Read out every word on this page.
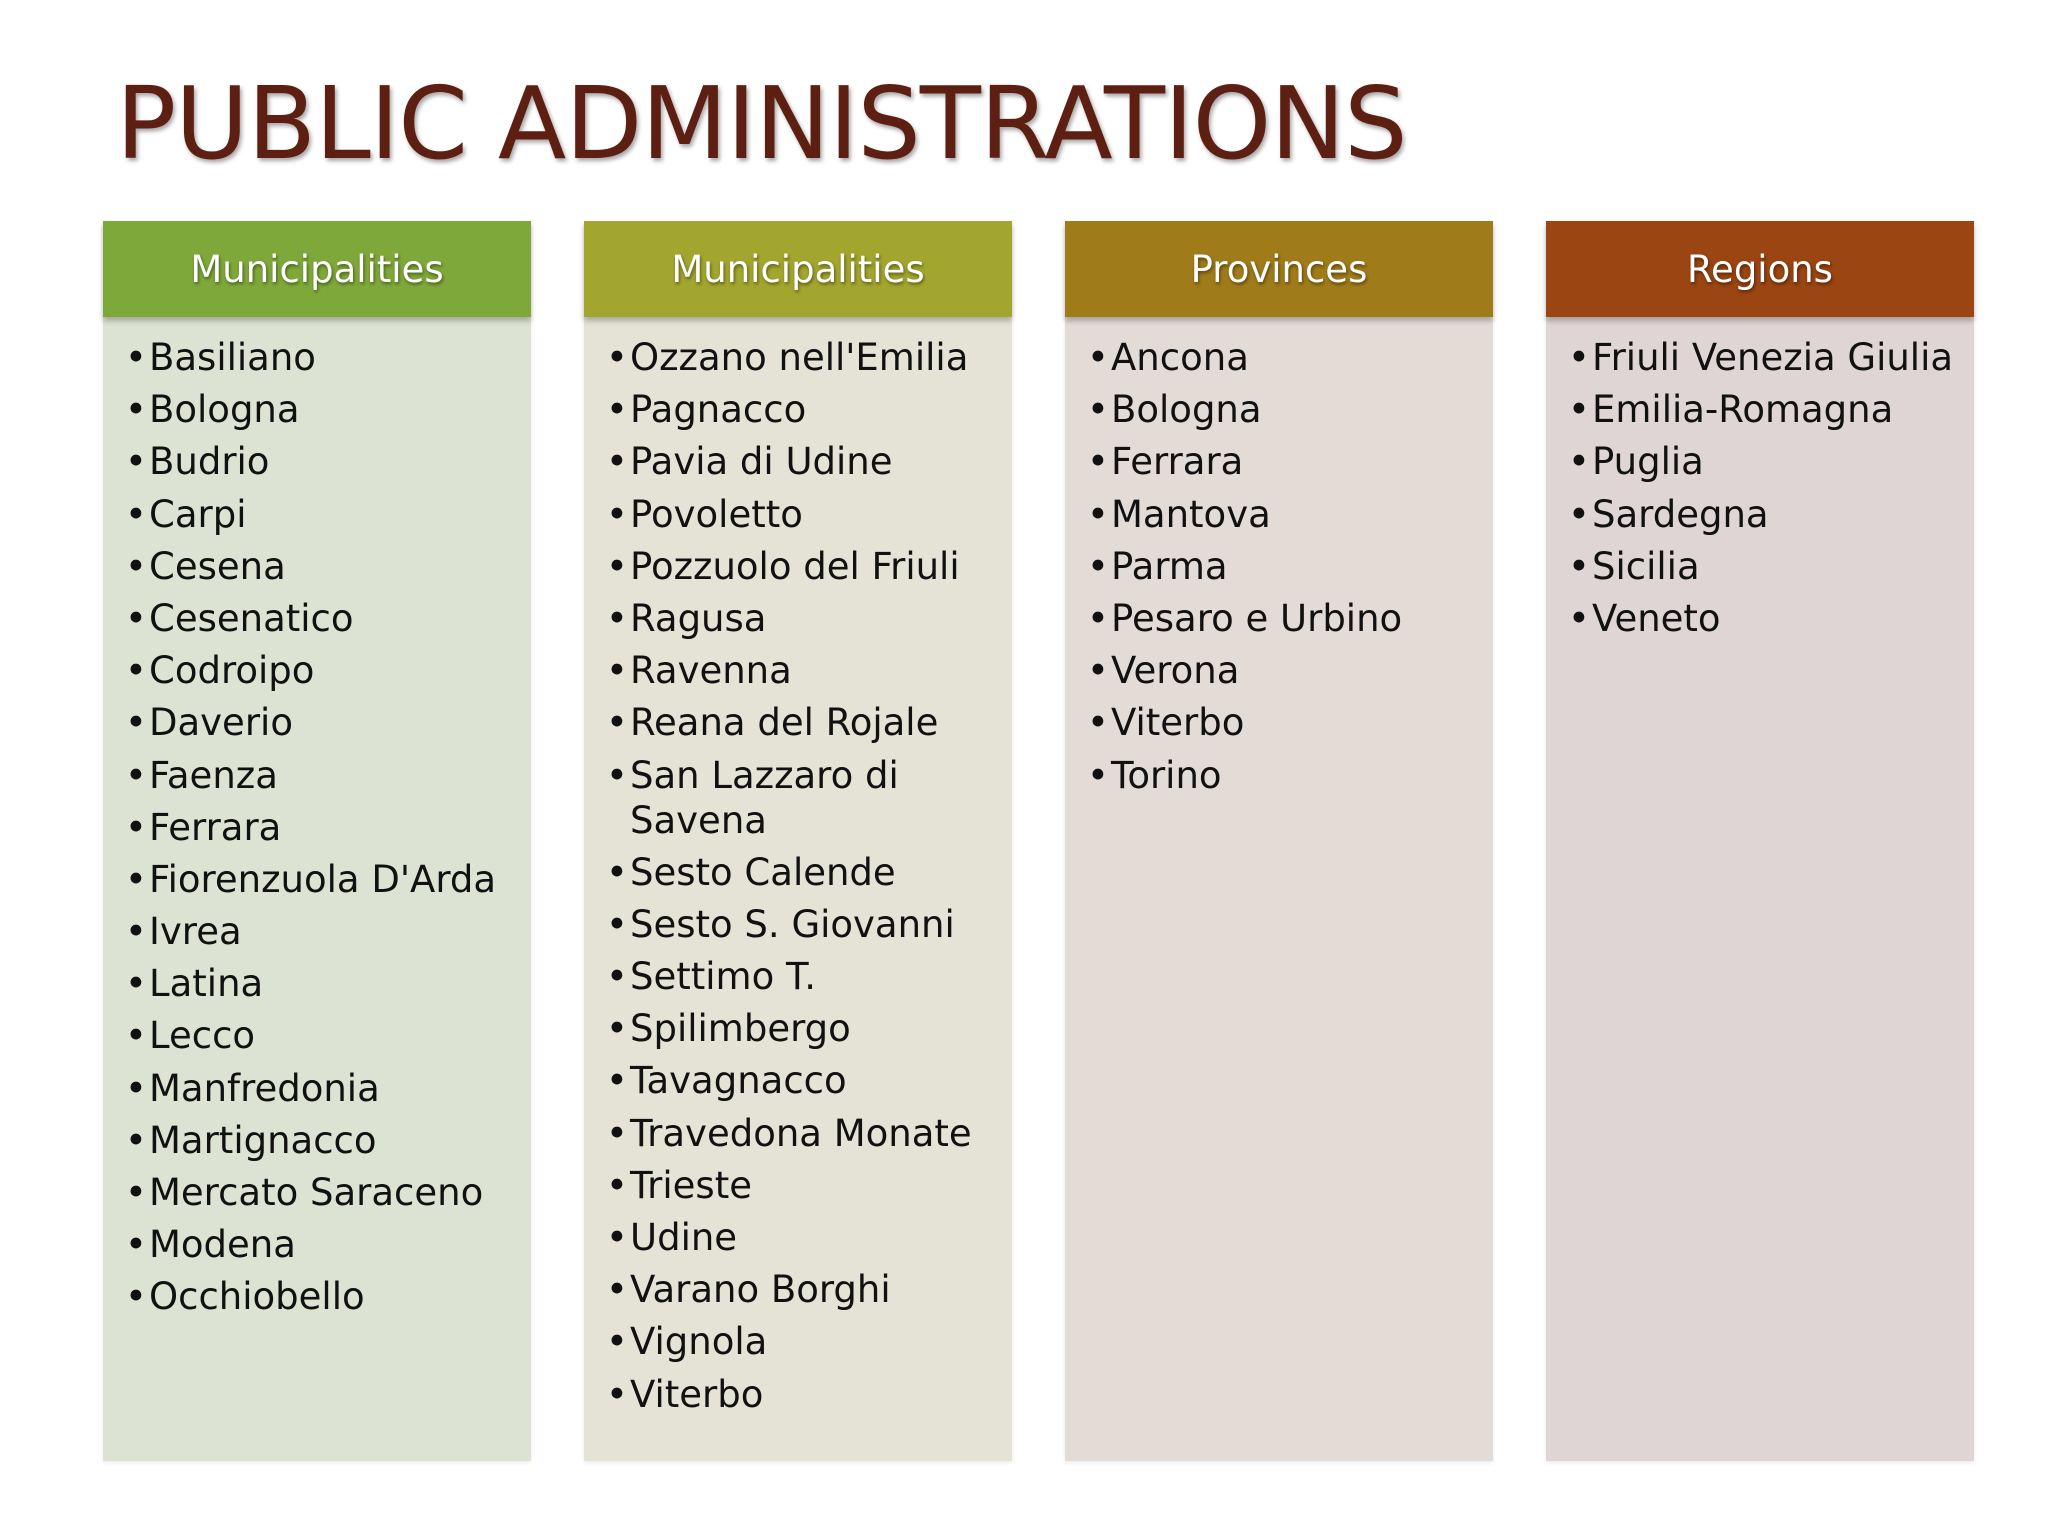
PUBLIC ADMINISTRATIONS
Municipalities
• Basiliano
• Bologna
• Budrio
• Carpi
• Cesena
• Cesenatico
• Codroipo
• Daverio
• Faenza
• Ferrara
• Fiorenzuola D'Arda
• Ivrea
• Latina
• Lecco
• Manfredonia
• Martignacco
• Mercato Saraceno
• Modena
• Occhiobello
Municipalities
• Ozzano nell'Emilia
• Pagnacco
• Pavia di Udine
• Povoletto
• Pozzuolo del Friuli
• Ragusa
• Ravenna
• Reana del Rojale
• San Lazzaro di Savena
• Sesto Calende
• Sesto S. Giovanni
• Settimo T.
• Spilimbergo
• Tavagnacco
• Travedona Monate
• Trieste
• Udine
• Varano Borghi
• Vignola
• Viterbo
Provinces
• Ancona
• Bologna
• Ferrara
• Mantova
• Parma
• Pesaro e Urbino
• Verona
• Viterbo
• Torino
Regions
• Friuli Venezia Giulia
• Emilia-Romagna
• Puglia
• Sardegna
• Sicilia
• Veneto
